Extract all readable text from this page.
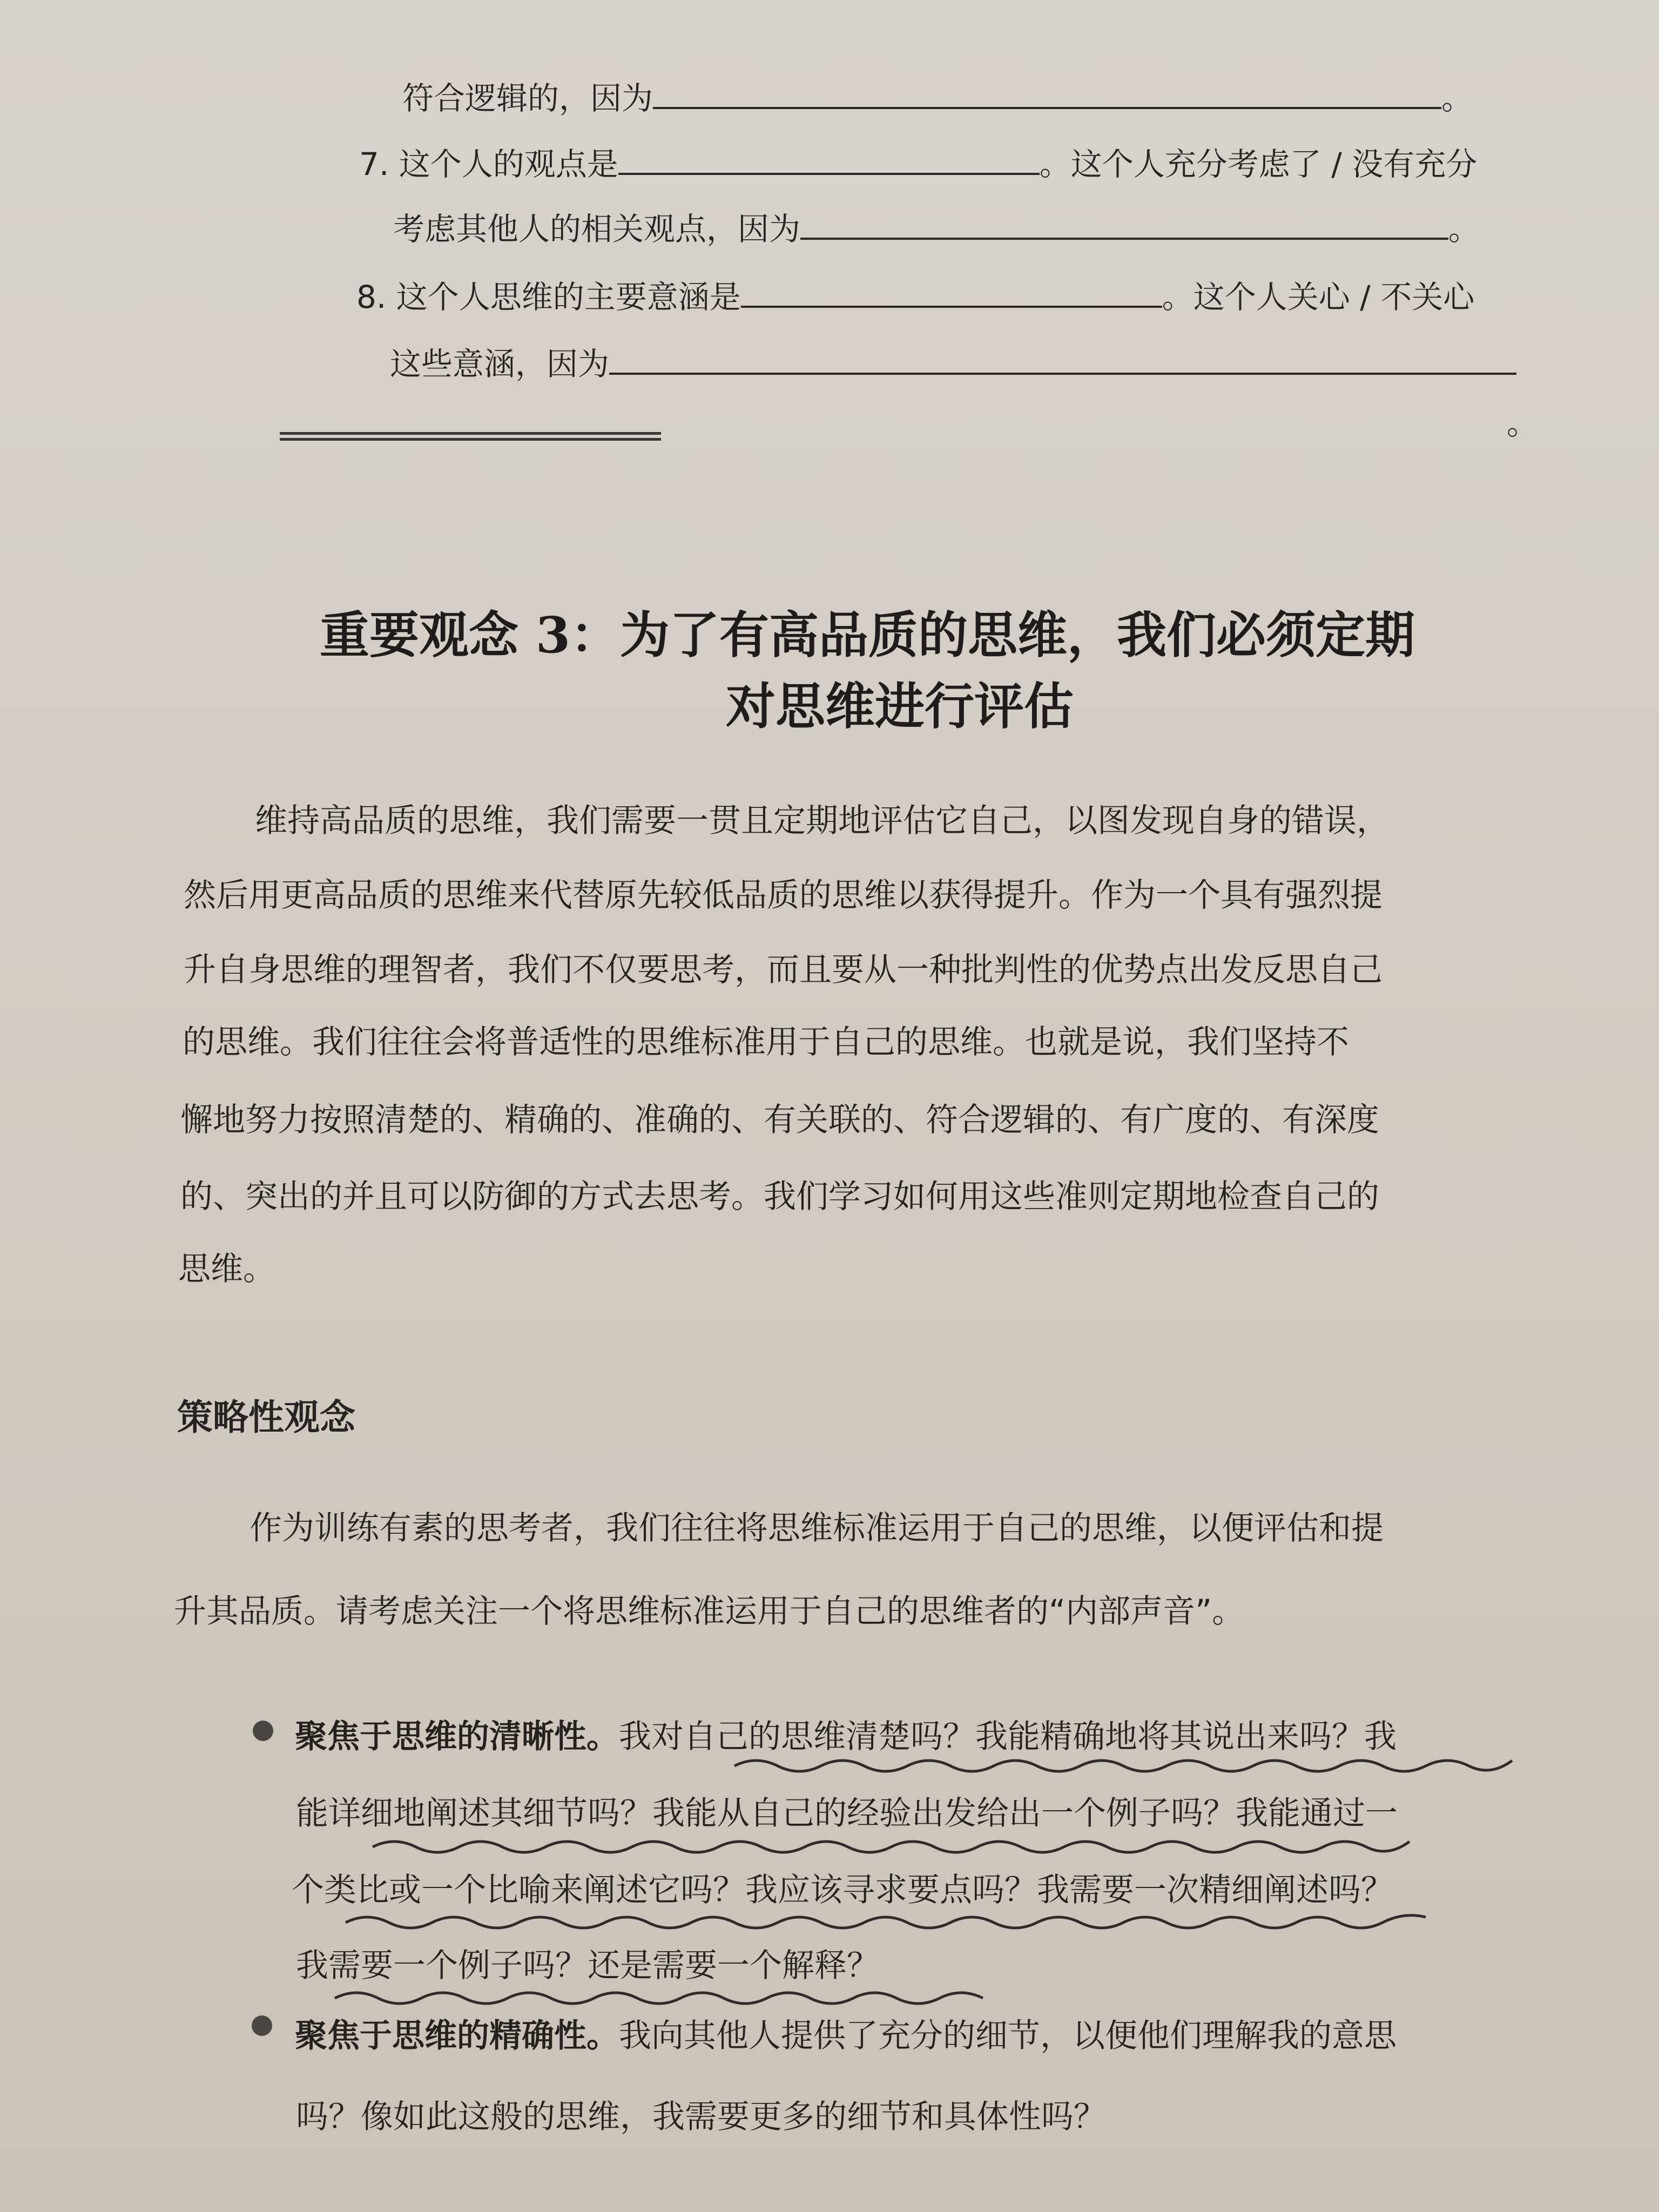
符合逻辑的，因为	。
7. 这个人的观点是	。这个人充分考虑了 / 没有充分
考虑其他人的相关观点，因为	。
8. 这个人思维的主要意涵是	。这个人关心 / 不关心
这些意涵，因为
。
重要观念 3：为了有高品质的思维，我们必须定期
对思维进行评估
维持高品质的思维，我们需要一贯且定期地评估它自己，以图发现自身的错误，
然后用更高品质的思维来代替原先较低品质的思维以获得提升。作为一个具有强烈提
升自身思维的理智者，我们不仅要思考，而且要从一种批判性的优势点出发反思自己
的思维。我们往往会将普适性的思维标准用于自己的思维。也就是说，我们坚持不
懈地努力按照清楚的、精确的、准确的、有关联的、符合逻辑的、有广度的、有深度
的、突出的并且可以防御的方式去思考。我们学习如何用这些准则定期地检查自己的
思维。
策略性观念
作为训练有素的思考者，我们往往将思维标准运用于自己的思维，以便评估和提
升其品质。请考虑关注一个将思维标准运用于自己的思维者的“内部声音”。
聚焦于思维的清晰性。我对自己的思维清楚吗？我能精确地将其说出来吗？我
能详细地阐述其细节吗？我能从自己的经验出发给出一个例子吗？我能通过一
个类比或一个比喻来阐述它吗？我应该寻求要点吗？我需要一次精细阐述吗？
我需要一个例子吗？还是需要一个解释？
聚焦于思维的精确性。我向其他人提供了充分的细节，以便他们理解我的意思
吗？像如此这般的思维，我需要更多的细节和具体性吗？
